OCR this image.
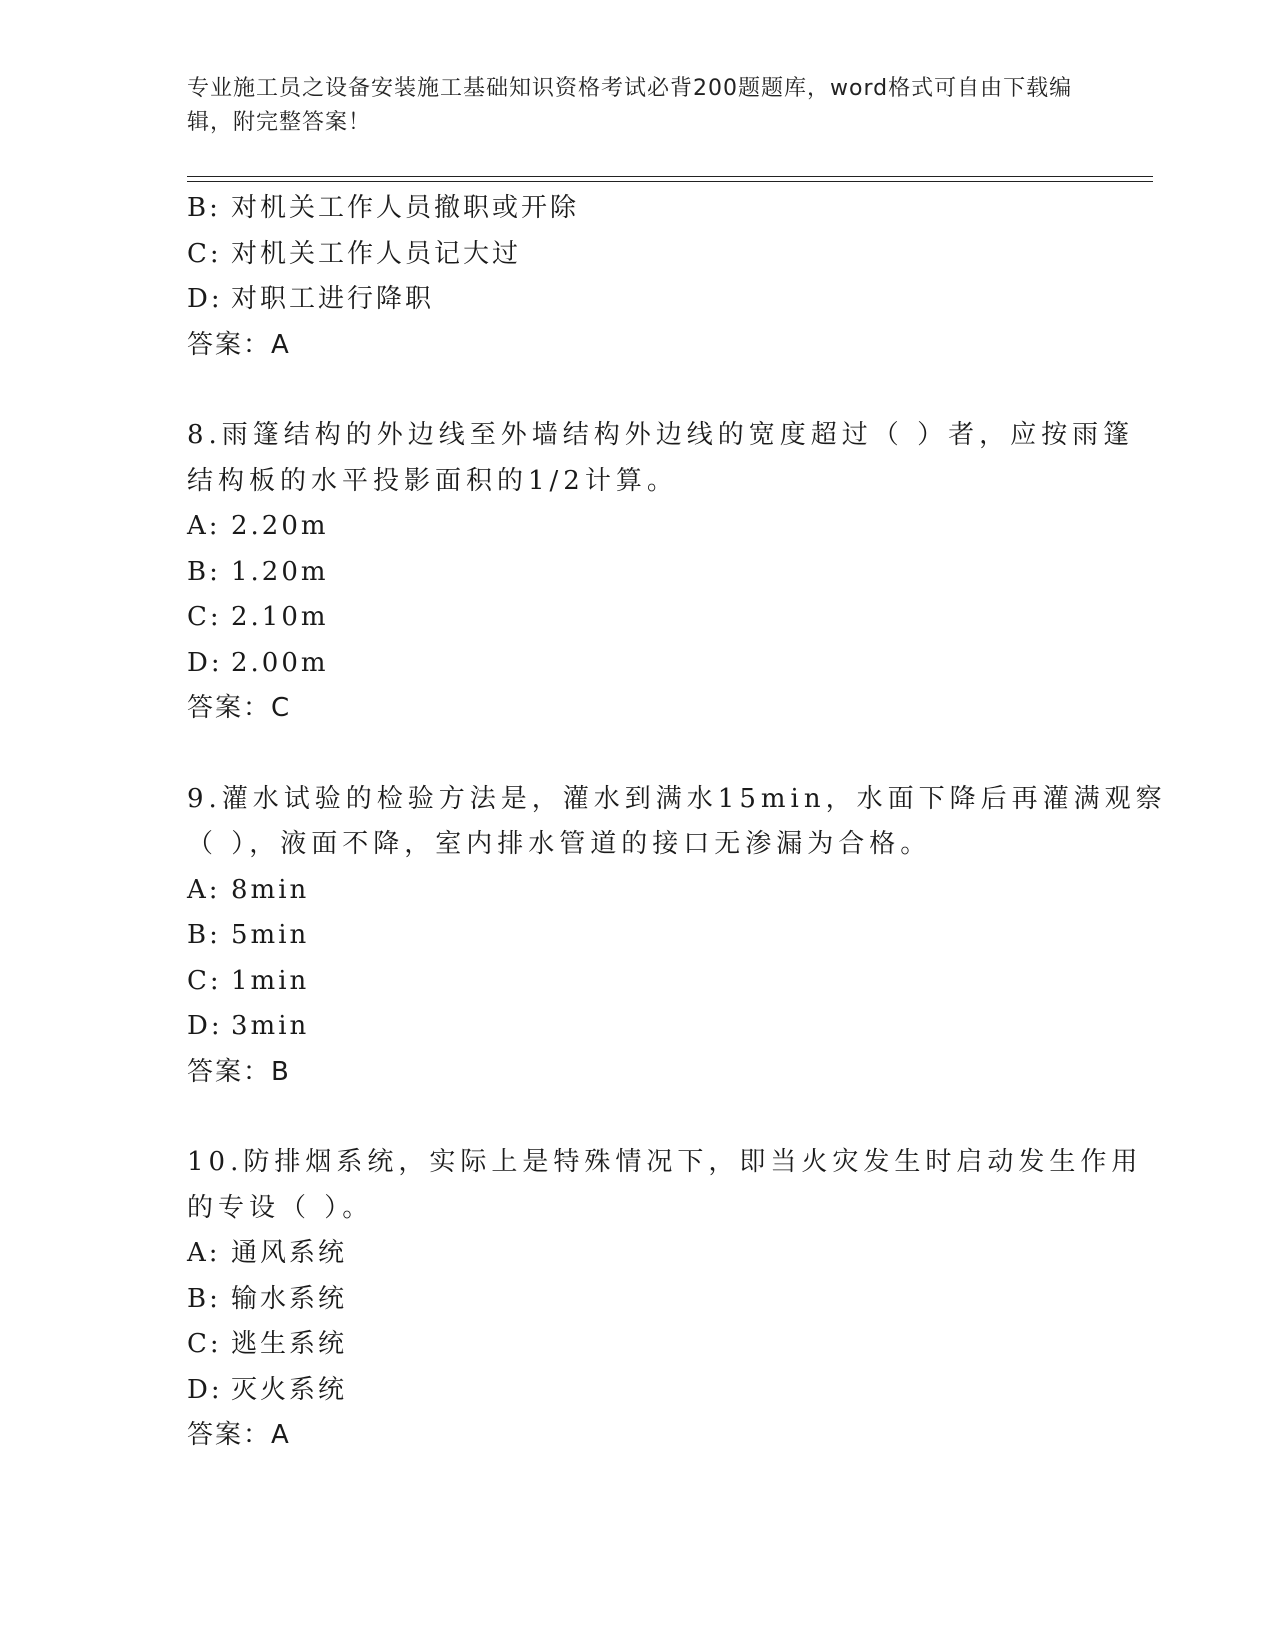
专业施工员之设备安装施工基础知识资格考试必背200题题库，word格式可自由下载编辑，附完整答案！
B: 对机关工作人员撤职或开除
C: 对机关工作人员记大过
D: 对职工进行降职
答案：A
8.雨篷结构的外边线至外墙结构外边线的宽度超过（ ）者，应按雨篷
结构板的水平投影面积的1/2计算。
A: 2.20m
B: 1.20m
C: 2.10m
D: 2.00m
答案：C
9.灌水试验的检验方法是，灌水到满水15min，水面下降后再灌满观察
（ ），液面不降，室内排水管道的接口无渗漏为合格。
A: 8min
B: 5min
C: 1min
D: 3min
答案：B
10.防排烟系统，实际上是特殊情况下，即当火灾发生时启动发生作用
的专设（ ）。
A: 通风系统
B: 输水系统
C: 逃生系统
D: 灭火系统
答案：A
